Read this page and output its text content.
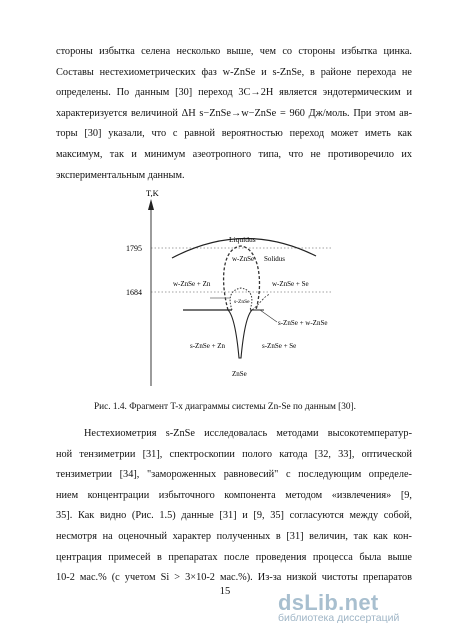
стороны избытка селена несколько выше, чем со стороны избытка цинка.
Составы нестехиометрических фаз w-ZnSe и s-ZnSe, в районе перехода не
определены. По данным [30] переход 3С→2Н является эндотермическим и
характеризуется величиной ΔH s−ZnSe→w−ZnSe = 960 Дж/моль. При этом ав-
торы [30] указали, что с равной вероятностью переход может иметь как
максимум, так и минимум азеотропного типа, что не противоречило их
экспериментальным данным.
T,K
1795
1684
Liquidus
w-ZnSe Solidus
w-ZnSe + Zn	w-ZnSe + Se
s-ZnSe
s-ZnSe + w-ZnSe
s-ZnSe + Zn	s-ZnSe + Se
ZnSe
Рис. 1.4. Фрагмент T-x диаграммы системы Zn-Se по данным [30].
Нестехиометрия s-ZnSe исследовалась методами высокотемператур-
ной тензиметрии [31], спектроскопии полого катода [32, 33], оптической
тензиметрии [34], "замороженных равновесий" с последующим определе-
нием концентрации избыточного компонента методом «извлечения» [9,
35]. Как видно (Рис. 1.5) данные [31] и [9, 35] согласуются между собой,
несмотря на оценочный характер полученных в [31] величин, так как кон-
центрация примесей в препаратах после проведения процесса была выше
10-2 мас.% (с учетом Si > 3×10-2 мас.%). Из-за низкой чистоты препаратов
15	dsLib.net
библиотека диссертаций
